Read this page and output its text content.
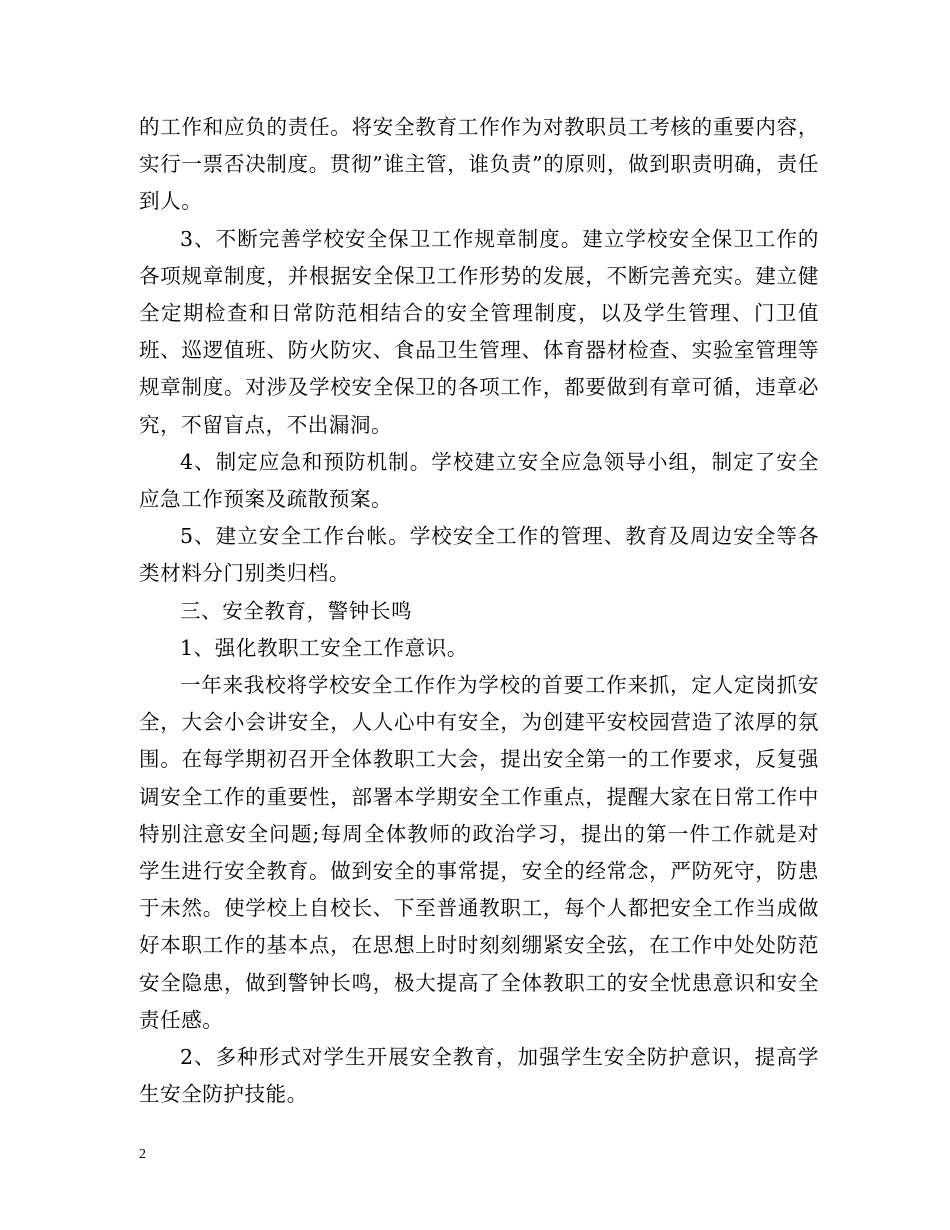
的工作和应负的责任。将安全教育工作作为对教职员工考核的重要内容，实行一票否决制度。贯彻”谁主管，谁负责”的原则，做到职责明确，责任到人。

3、不断完善学校安全保卫工作规章制度。建立学校安全保卫工作的各项规章制度，并根据安全保卫工作形势的发展，不断完善充实。建立健全定期检查和日常防范相结合的安全管理制度，以及学生管理、门卫值班、巡逻值班、防火防灾、食品卫生管理、体育器材检查、实验室管理等规章制度。对涉及学校安全保卫的各项工作，都要做到有章可循，违章必究，不留盲点，不出漏洞。

4、制定应急和预防机制。学校建立安全应急领导小组，制定了安全应急工作预案及疏散预案。

5、建立安全工作台帐。学校安全工作的管理、教育及周边安全等各类材料分门别类归档。

三、安全教育，警钟长鸣

1、强化教职工安全工作意识。

一年来我校将学校安全工作作为学校的首要工作来抓，定人定岗抓安全，大会小会讲安全，人人心中有安全，为创建平安校园营造了浓厚的氛围。在每学期初召开全体教职工大会，提出安全第一的工作要求，反复强调安全工作的重要性，部署本学期安全工作重点，提醒大家在日常工作中特别注意安全问题;每周全体教师的政治学习，提出的第一件工作就是对学生进行安全教育。做到安全的事常提，安全的经常念，严防死守，防患于未然。使学校上自校长、下至普通教职工，每个人都把安全工作当成做好本职工作的基本点，在思想上时时刻刻绷紧安全弦，在工作中处处防范安全隐患，做到警钟长鸣，极大提高了全体教职工的安全忧患意识和安全责任感。

2、多种形式对学生开展安全教育，加强学生安全防护意识，提高学生安全防护技能。

2
